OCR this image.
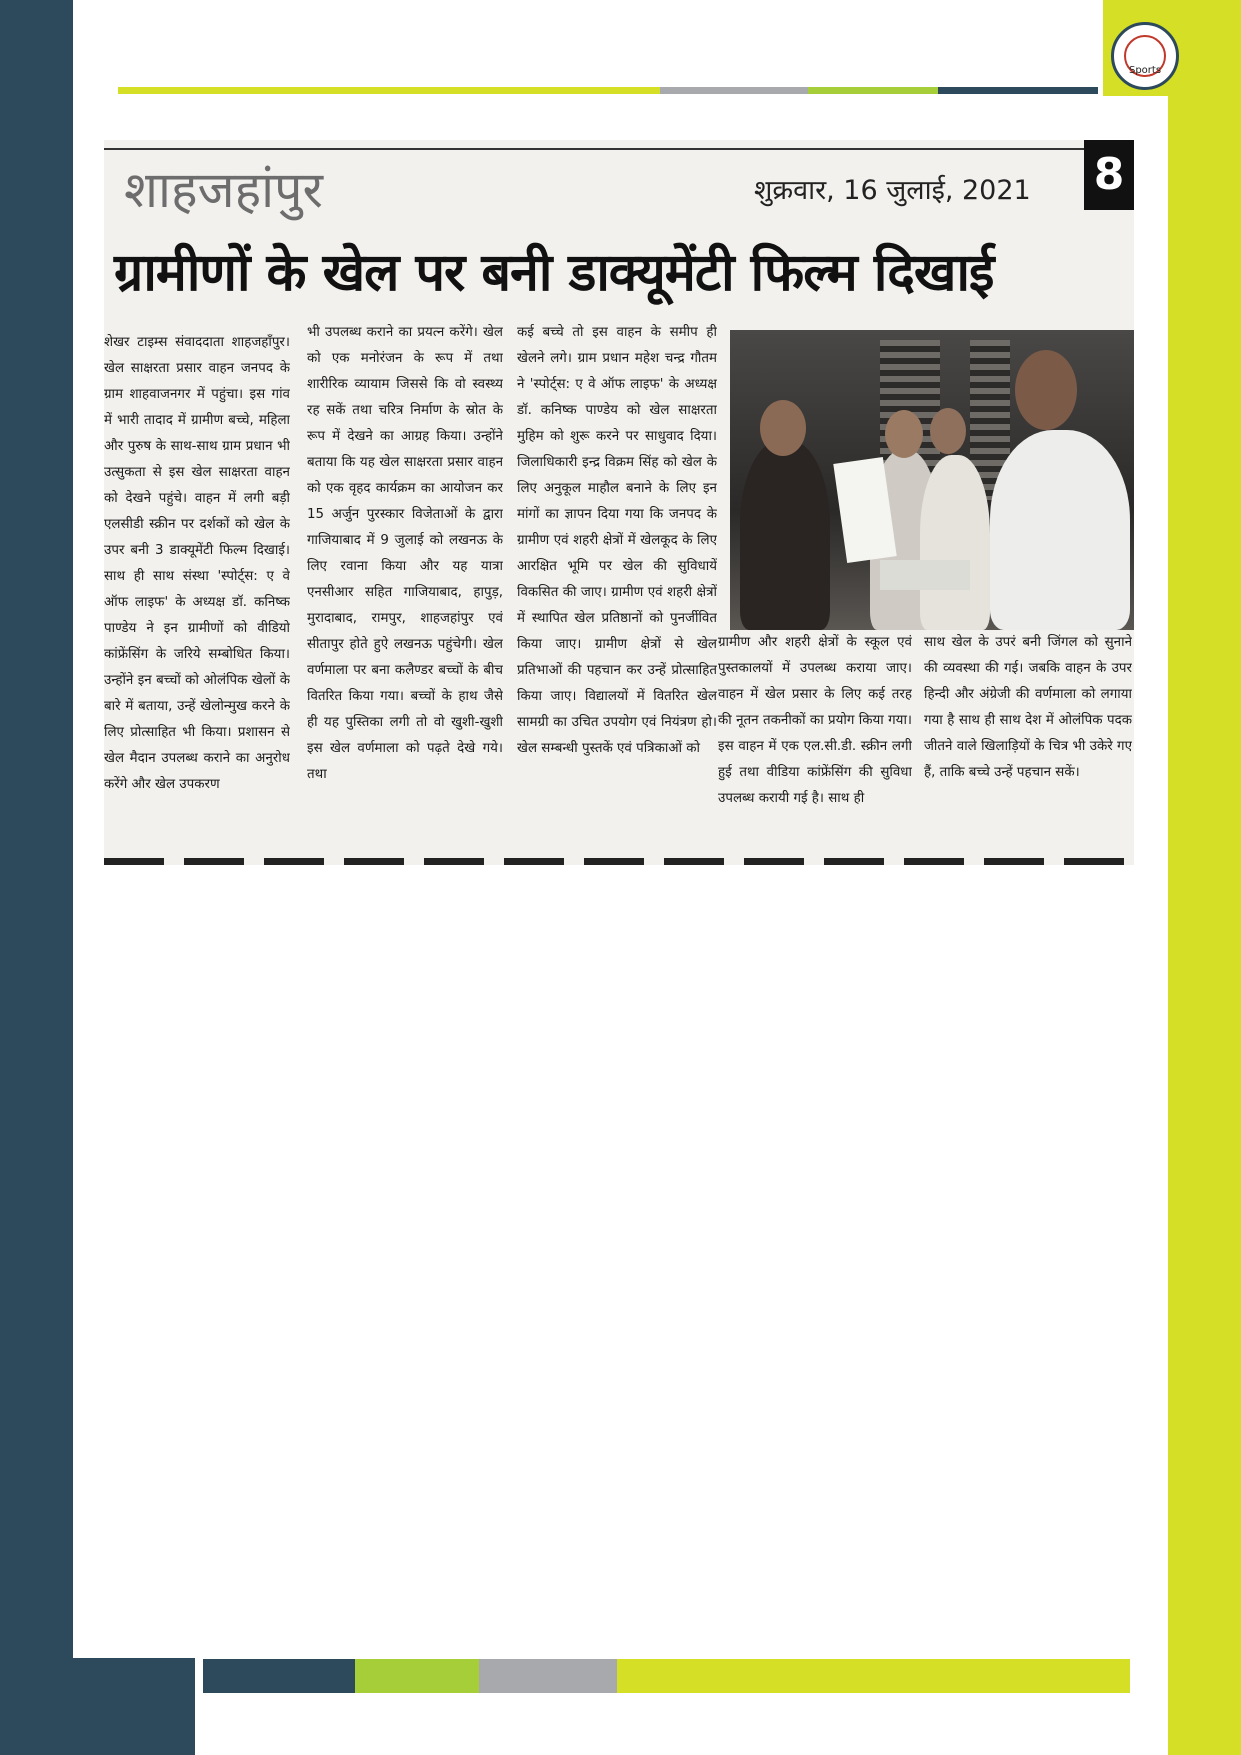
Sports
शाहजहांपुर	शुक्रवार, 16 जुलाई, 2021 8
ग्रामीणों के खेल पर बनी डाक्यूमेंटी फिल्म दिखाई

शेखर टाइम्स संवाददाता शाहजहाँपुर। खेल साक्षरता प्रसार वाहन जनपद के ग्राम शाहवाजनगर में पहुंचा। इस गांव में भारी तादाद में ग्रामीण बच्चे, महिला और पुरुष के साथ-साथ ग्राम प्रधान भी उत्सुकता से इस खेल साक्षरता वाहन को देखने पहुंचे। वाहन में लगी बड़ी एलसीडी स्क्रीन पर दर्शकों को खेल के उपर बनी 3 डाक्यूमेंटी फिल्म दिखाई। साथ ही साथ संस्था 'स्पोर्ट्स: ए वे ऑफ लाइफ' के अध्यक्ष डॉ. कनिष्क पाण्डेय ने इन ग्रामीणों को वीडियो कांफ्रेंसिंग के जरिये सम्बोधित किया। उन्होंने इन बच्चों को ओलंपिक खेलों के बारे में बताया, उन्हें खेलोन्मुख करने के लिए प्रोत्साहित भी किया। प्रशासन से खेल मैदान उपलब्ध कराने का अनुरोध करेंगे और खेल उपकरण

भी उपलब्ध कराने का प्रयत्न करेंगे। खेल को एक मनोरंजन के रूप में तथा शारीरिक व्यायाम जिससे कि वो स्वस्थ्य रह सकें तथा चरित्र निर्माण के स्रोत के रूप में देखने का आग्रह किया। उन्होंने बताया कि यह खेल साक्षरता प्रसार वाहन को एक वृहद कार्यक्रम का आयोजन कर 15 अर्जुन पुरस्कार विजेताओं के द्वारा गाजियाबाद में 9 जुलाई को लखनऊ के लिए रवाना किया और यह यात्रा एनसीआर सहित गाजियाबाद, हापुड़, मुरादाबाद, रामपुर, शाहजहांपुर एवं सीतापुर होते हुऐ लखनऊ पहुंचेगी। खेल वर्णमाला पर बना कलैण्डर बच्चों के बीच वितरित किया गया। बच्चों के हाथ जैसे ही यह पुस्तिका लगी तो वो खुशी-खुशी इस खेल वर्णमाला को पढ़ते देखे गये। तथा

कई बच्चे तो इस वाहन के समीप ही खेलने लगे। ग्राम प्रधान महेश चन्द्र गौतम ने 'स्पोर्ट्स: ए वे ऑफ लाइफ' के अध्यक्ष डॉ. कनिष्क पाण्डेय को खेल साक्षरता मुहिम को शुरू करने पर साधुवाद दिया। जिलाधिकारी इन्द्र विक्रम सिंह को खेल के लिए अनुकूल माहौल बनाने के लिए इन मांगों का ज्ञापन दिया गया कि जनपद के ग्रामीण एवं शहरी क्षेत्रों में खेलकूद के लिए आरक्षित भूमि पर खेल की सुविधायें विकसित की जाए। ग्रामीण एवं शहरी क्षेत्रों में स्थापित खेल प्रतिष्ठानों को पुनर्जीवित किया जाए। ग्रामीण क्षेत्रों से खेल प्रतिभाओं की पहचान कर उन्हें प्रोत्साहित किया जाए। विद्यालयों में वितरित खेल सामग्री का उचित उपयोग एवं नियंत्रण हो। खेल सम्बन्धी पुस्तकें एवं पत्रिकाओं को

ग्रामीण और शहरी क्षेत्रों के स्कूल एवं पुस्तकालयों में उपलब्ध कराया जाए। वाहन में खेल प्रसार के लिए कई तरह की नूतन तकनीकों का प्रयोग किया गया। इस वाहन में एक एल.सी.डी. स्क्रीन लगी हुई तथा वीडिया कांफ्रेंसिंग की सुविधा उपलब्ध करायी गई है। साथ ही

साथ खेल के उपरं बनी जिंगल को सुनाने की व्यवस्था की गई। जबकि वाहन के उपर हिन्दी और अंग्रेजी की वर्णमाला को लगाया गया है साथ ही साथ देश में ओलंपिक पदक जीतने वाले खिलाड़ियों के चित्र भी उकेरे गए हैं, ताकि बच्चे उन्हें पहचान सकें।
